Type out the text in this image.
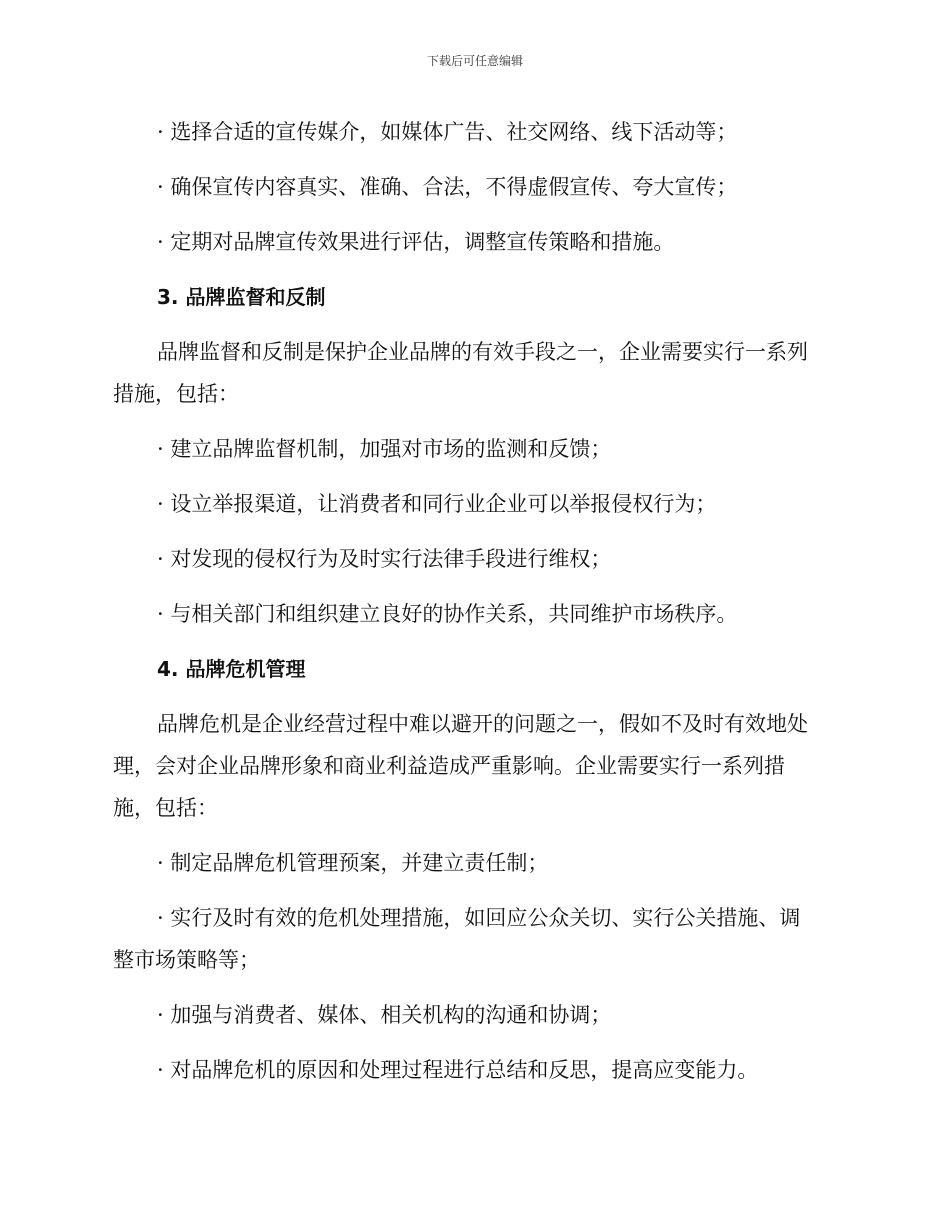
下载后可任意编辑

· 选择合适的宣传媒介，如媒体广告、社交网络、线下活动等；

· 确保宣传内容真实、准确、合法，不得虚假宣传、夸大宣传；

· 定期对品牌宣传效果进行评估，调整宣传策略和措施。

3. 品牌监督和反制

品牌监督和反制是保护企业品牌的有效手段之一，企业需要实行一系列

措施，包括：

· 建立品牌监督机制，加强对市场的监测和反馈；

· 设立举报渠道，让消费者和同行业企业可以举报侵权行为；

· 对发现的侵权行为及时实行法律手段进行维权；

· 与相关部门和组织建立良好的协作关系，共同维护市场秩序。

4. 品牌危机管理

品牌危机是企业经营过程中难以避开的问题之一，假如不及时有效地处

理，会对企业品牌形象和商业利益造成严重影响。企业需要实行一系列措

施，包括：

· 制定品牌危机管理预案，并建立责任制；

· 实行及时有效的危机处理措施，如回应公众关切、实行公关措施、调

整市场策略等；

· 加强与消费者、媒体、相关机构的沟通和协调；

· 对品牌危机的原因和处理过程进行总结和反思，提高应变能力。
